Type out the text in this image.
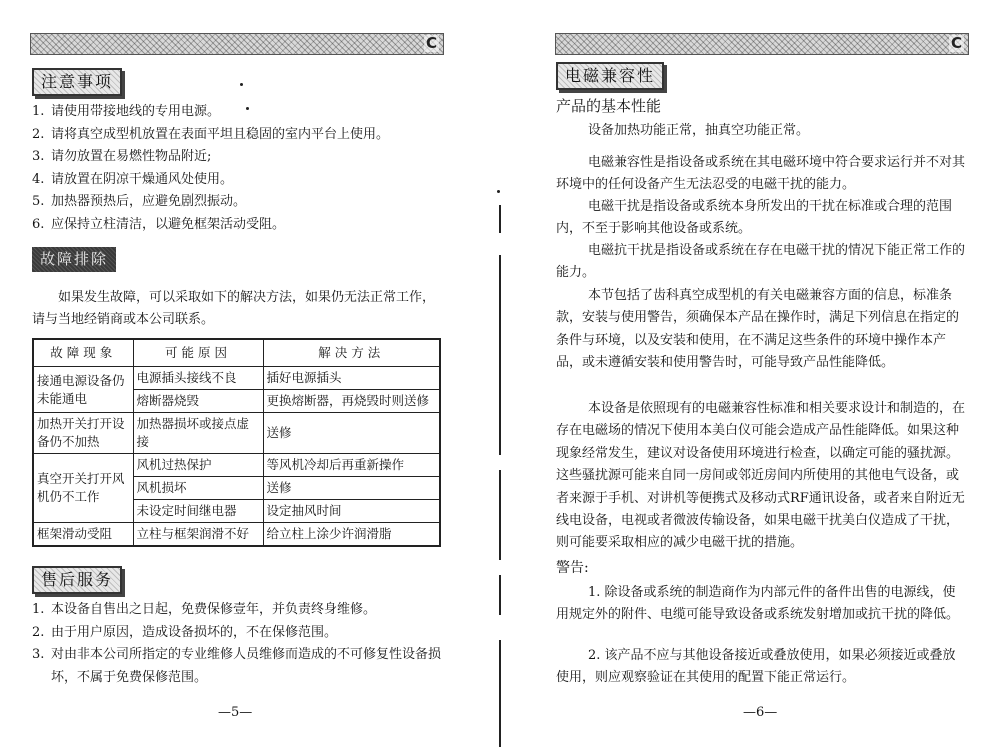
C
注意事项
1. 请使用带接地线的专用电源。
2. 请将真空成型机放置在表面平坦且稳固的室内平台上使用。
3. 请勿放置在易燃性物品附近;
4. 请放置在阴凉干燥通风处使用。
5. 加热器预热后，应避免剧烈振动。
6. 应保持立柱清洁，以避免框架活动受阻。
故障排除

如果发生故障，可以采取如下的解决方法，如果仍无法正常工作，请与当地经销商或本公司联系。

故障现象	可能原因	解决方法
接通电源设备仍未能通电	电源插头接线不良	插好电源插头
	熔断器烧毁	更换熔断器，再烧毁时则送修
加热开关打开设备仍不加热	加热器损坏或接点虚接	送修
真空开关打开风机仍不工作	风机过热保护	等风机冷却后再重新操作
	风机损坏	送修
	未设定时间继电器	设定抽风时间
框架滑动受阻	立柱与框架润滑不好	给立柱上涂少许润滑脂
售后服务
1. 本设备自售出之日起，免费保修壹年，并负责终身维修。
2. 由于用户原因，造成设备损坏的，不在保修范围。
3. 对由非本公司所指定的专业维修人员维修而造成的不可修复性设备损坏，不属于免费保修范围。
—5—
C
电磁兼容性
产品的基本性能

设备加热功能正常，抽真空功能正常。

电磁兼容性是指设备或系统在其电磁环境中符合要求运行并不对其环境中的任何设备产生无法忍受的电磁干扰的能力。

电磁干扰是指设备或系统本身所发出的干扰在标准或合理的范围内，不至于影响其他设备或系统。

电磁抗干扰是指设备或系统在存在电磁干扰的情况下能正常工作的能力。

本节包括了齿科真空成型机的有关电磁兼容方面的信息，标准条款，安装与使用警告，须确保本产品在操作时，满足下列信息在指定的条件与环境，以及安装和使用，在不满足这些条件的环境中操作本产品，或未遵循安装和使用警告时，可能导致产品性能降低。

本设备是依照现有的电磁兼容性标准和相关要求设计和制造的，在存在电磁场的情况下使用本美白仪可能会造成产品性能降低。如果这种现象经常发生，建议对设备使用环境进行检查，以确定可能的骚扰源。这些骚扰源可能来自同一房间或邻近房间内所使用的其他电气设备，或者来源于手机、对讲机等便携式及移动式RF通讯设备，或者来自附近无线电设备，电视或者微波传输设备，如果电磁干扰美白仪造成了干扰，则可能要采取相应的减少电磁干扰的措施。

警告:

1. 除设备或系统的制造商作为内部元件的备件出售的电源线，使用规定外的附件、电缆可能导致设备或系统发射增加或抗干扰的降低。

2. 该产品不应与其他设备接近或叠放使用，如果必须接近或叠放使用，则应观察验证在其使用的配置下能正常运行。

—6—
